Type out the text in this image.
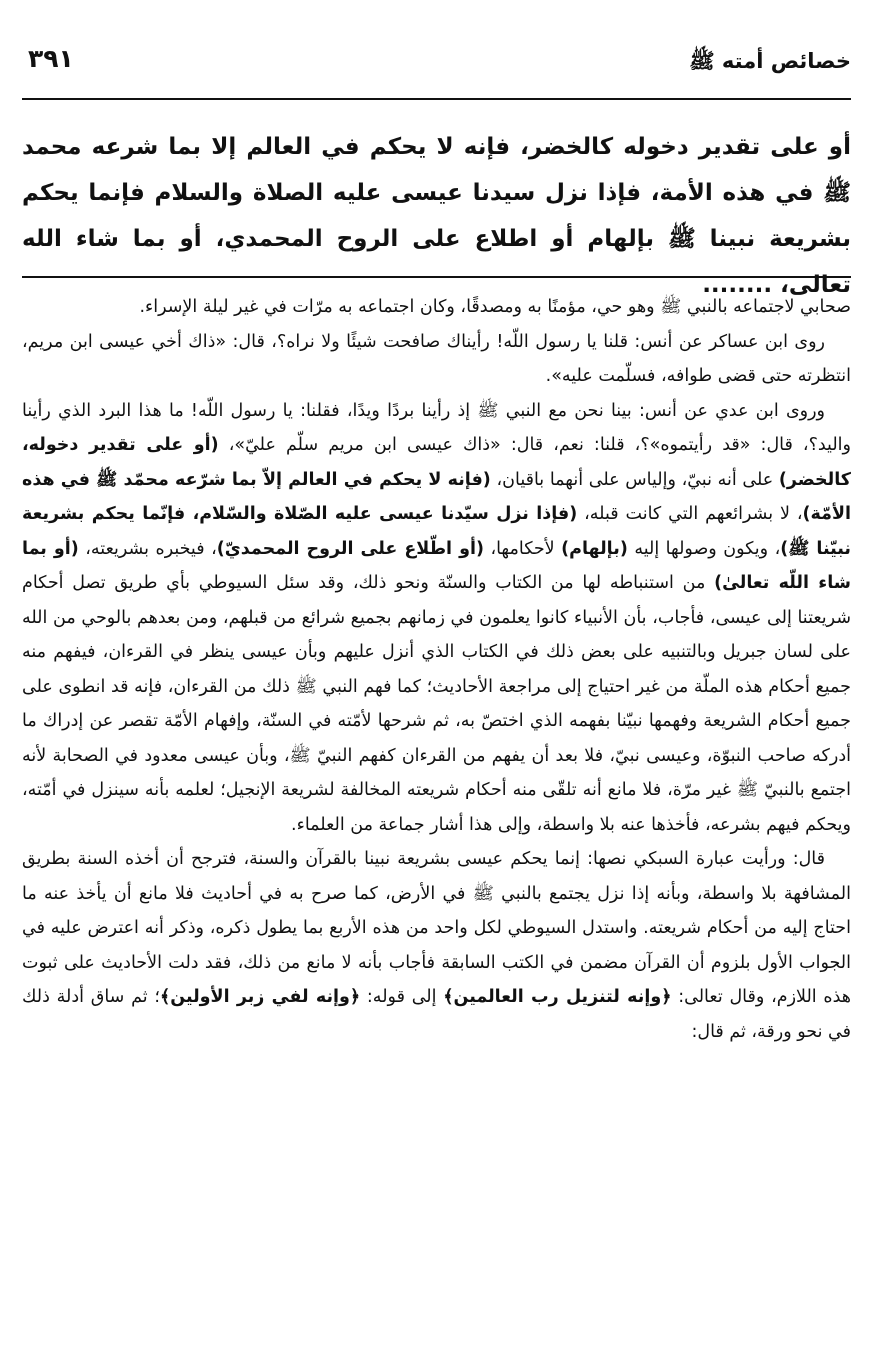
خصائص أمته ﷺ
٣٩١

أو على تقدير دخوله كالخضر، فإنه لا يحكم في العالم إلا بما شرعه محمد ﷺ في هذه الأمة، فإذا نزل سيدنا عيسى عليه الصلاة والسلام فإنما يحكم بشريعة نبينا ﷺ بإلهام أو اطلاع على الروح المحمدي، أو بما شاء الله تعالى، ........

صحابي لاجتماعه بالنبي ﷺ وهو حي، مؤمنًا به ومصدقًا، وكان اجتماعه به مرّات في غير ليلة الإسراء.

روى ابن عساكر عن أنس: قلنا يا رسول اللّه! رأيناك صافحت شيئًا ولا نراه؟، قال: «ذاك أخي عيسى ابن مريم، انتظرته حتى قضى طوافه، فسلّمت عليه».

وروى ابن عدي عن أنس: بينا نحن مع النبي ﷺ إذ رأينا بردًا ويدًا، فقلنا: يا رسول اللّه! ما هذا البرد الذي رأينا واليد؟، قال: «قد رأيتموه»؟، قلنا: نعم، قال: «ذاك عيسى ابن مريم سلّم عليّ»، (أو على تقدير دخوله، كالخضر) على أنه نبيّ، وإلياس على أنهما باقيان، (فإنه لا يحكم في العالم إلاّ بما شرّعه محمّد ﷺ في هذه الأمّة)، لا بشرائعهم التي كانت قبله، (فإذا نزل سيّدنا عيسى عليه الصّلاة والسّلام، فإنّما يحكم بشريعة نبيّنا ﷺ)، ويكون وصولها إليه (بإلهام) لأحكامها، (أو اطّلاع على الروح المحمديّ)، فيخبره بشريعته، (أو بما شاء اللّه تعالىٰ) من استنباطه لها من الكتاب والسنّة ونحو ذلك، وقد سئل السيوطي بأي طريق تصل أحكام شريعتنا إلى عيسى، فأجاب، بأن الأنبياء كانوا يعلمون في زمانهم بجميع شرائع من قبلهم، ومن بعدهم بالوحي من الله على لسان جبريل وبالتنبيه على بعض ذلك في الكتاب الذي أنزل عليهم وبأن عيسى ينظر في القرءان، فيفهم منه جميع أحكام هذه الملّة من غير احتياج إلى مراجعة الأحاديث؛ كما فهم النبي ﷺ ذلك من القرءان، فإنه قد انطوى على جميع أحكام الشريعة وفهمها نبيّنا بفهمه الذي اختصّ به، ثم شرحها لأمّته في السنّة، وإفهام الأمّة تقصر عن إدراك ما أدركه صاحب النبوّة، وعيسى نبيّ، فلا بعد أن يفهم من القرءان كفهم النبيّ ﷺ، وبأن عيسى معدود في الصحابة لأنه اجتمع بالنبيّ ﷺ غير مرّة، فلا مانع أنه تلقّى منه أحكام شريعته المخالفة لشريعة الإنجيل؛ لعلمه بأنه سينزل في أمّته، ويحكم فيهم بشرعه، فأخذها عنه بلا واسطة، وإلى هذا أشار جماعة من العلماء.

قال: ورأيت عبارة السبكي نصها: إنما يحكم عيسى بشريعة نبينا بالقرآن والسنة، فترجح أن أخذه السنة بطريق المشافهة بلا واسطة، وبأنه إذا نزل يجتمع بالنبي ﷺ في الأرض، كما صرح به في أحاديث فلا مانع أن يأخذ عنه ما احتاج إليه من أحكام شريعته. واستدل السيوطي لكل واحد من هذه الأربع بما يطول ذكره، وذكر أنه اعترض عليه في الجواب الأول بلزوم أن القرآن مضمن في الكتب السابقة فأجاب بأنه لا مانع من ذلك، فقد دلت الأحاديث على ثبوت هذه اللازم، وقال تعالى: ﴿وإنه لتنزيل رب العالمين﴾ إلى قوله: ﴿وإنه لفي زبر الأولين﴾؛ ثم ساق أدلة ذلك في نحو ورقة، ثم قال:
